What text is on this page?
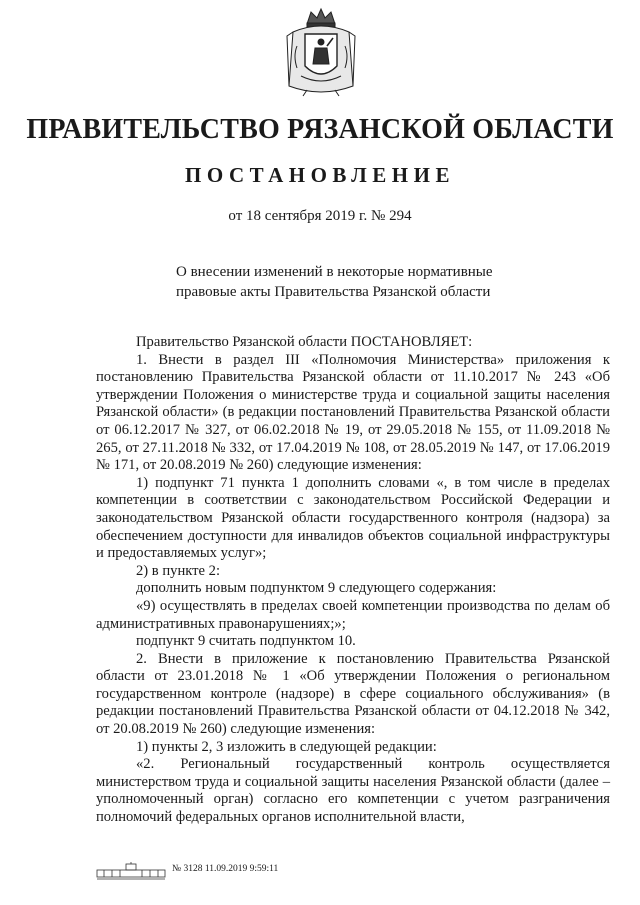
ПРАВИТЕЛЬСТВО РЯЗАНСКОЙ ОБЛАСТИ
ПОСТАНОВЛЕНИЕ
от 18 сентября 2019 г. № 294
О внесении изменений в некоторые нормативные
правовые акты Правительства Рязанской области

Правительство Рязанской области ПОСТАНОВЛЯЕТ:

1. Внести в раздел III «Полномочия Министерства» приложения к постановлению Правительства Рязанской области от 11.10.2017 № 243 «Об утверждении Положения о министерстве труда и социальной защиты населения Рязанской области» (в редакции постановлений Правительства Рязанской области от 06.12.2017 № 327, от 06.02.2018 № 19, от 29.05.2018 № 155, от 11.09.2018 № 265, от 27.11.2018 № 332, от 17.04.2019 № 108, от 28.05.2019 № 147, от 17.06.2019 № 171, от 20.08.2019 № 260) следующие изменения:

1) подпункт 71 пункта 1 дополнить словами «, в том числе в пределах компетенции в соответствии с законодательством Российской Федерации и законодательством Рязанской области государственного контроля (надзора) за обеспечением доступности для инвалидов объектов социальной инфраструктуры и предоставляемых услуг»;

2) в пункте 2:

дополнить новым подпунктом 9 следующего содержания:

«9) осуществлять в пределах своей компетенции производства по делам об административных правонарушениях;»;

подпункт 9 считать подпунктом 10.

2. Внести в приложение к постановлению Правительства Рязанской области от 23.01.2018 № 1 «Об утверждении Положения о региональном государственном контроле (надзоре) в сфере социального обслуживания» (в редакции постановлений Правительства Рязанской области от 04.12.2018 № 342, от 20.08.2019 № 260) следующие изменения:

1) пункты 2, 3 изложить в следующей редакции:

«2. Региональный государственный контроль осуществляется министерством труда и социальной защиты населения Рязанской области (далее – уполномоченный орган) согласно его компетенции с учетом разграничения полномочий федеральных органов исполнительной власти,

№ 3128 11.09.2019 9:59:11
